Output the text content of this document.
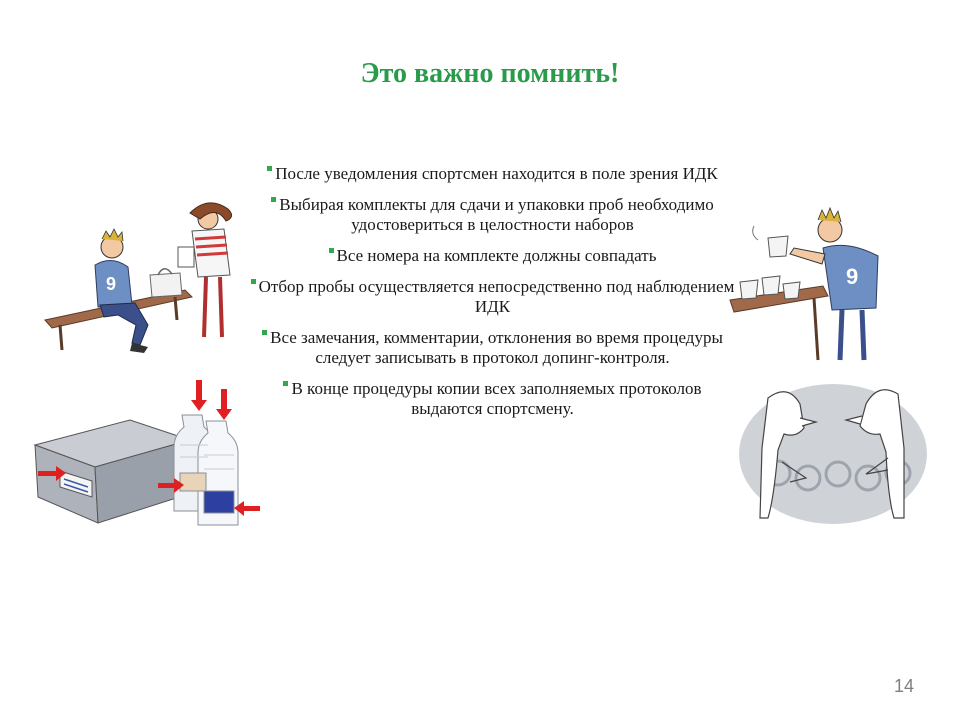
Это важно помнить!
9	9
После уведомления спортсмен находится в поле зрения ИДК
Выбирая комплекты для сдачи и упаковки проб необходимо удостовериться в целостности наборов
Все номера на комплекте должны совпадать
Отбор пробы осуществляется непосредственно под наблюдением ИДК
Все замечания, комментарии, отклонения во время процедуры следует записывать в протокол допинг-контроля.
В конце процедуры копии всех заполняемых протоколов выдаются спортсмену.
14
